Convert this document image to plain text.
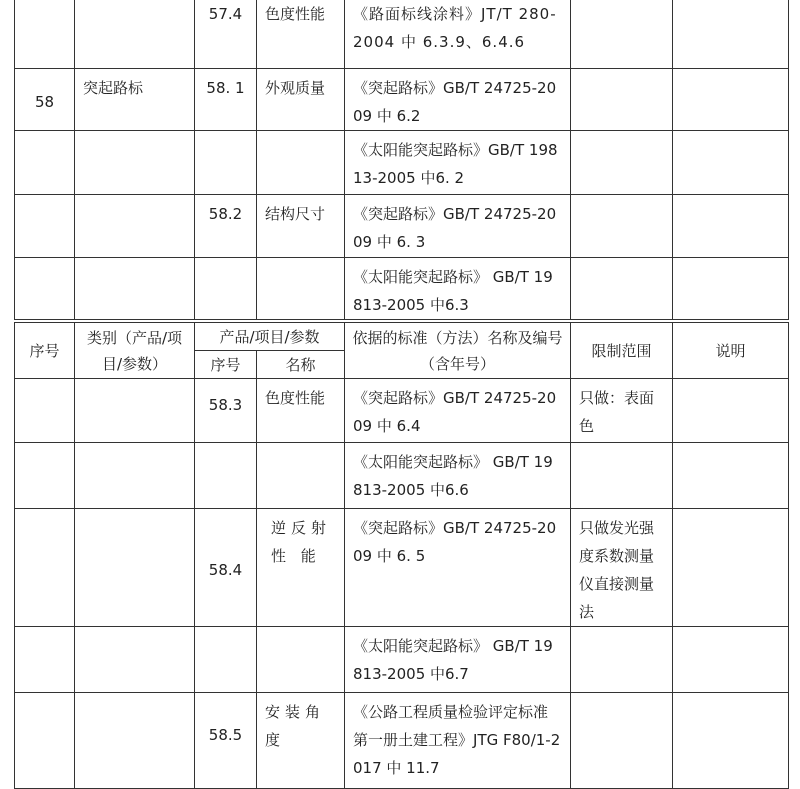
		57.4	色度性能	《路面标线涂料》JT/T 280-2004 中 6.3.9、6.4.6		
58	突起路标	58. 1	外观质量	《突起路标》GB/T 24725-2009 中 6.2		
				《太阳能突起路标》GB/T 19813-2005 中6. 2		
		58.2	结构尺寸	《突起路标》GB/T 24725-2009 中 6. 3		
				《太阳能突起路标》 GB/T 19813-2005 中6.3		
序号	类别（产品/项目/参数）	产品/项目/参数		依据的标准（方法）名称及编号（含年号）	限制范围	说明
		序号	名称			
		58.3	色度性能	《突起路标》GB/T 24725-2009 中 6.4	只做：表面色	
				《太阳能突起路标》 GB/T 19813-2005 中6.6		
		58.4	逆反射性 能	《突起路标》GB/T 24725-2009 中 6. 5	只做发光强度系数测量仪直接测量法	
				《太阳能突起路标》 GB/T 19813-2005 中6.7		
		58.5	安装角度	《公路工程质量检验评定标准第一册土建工程》JTG F80/1-2017 中 11.7		
